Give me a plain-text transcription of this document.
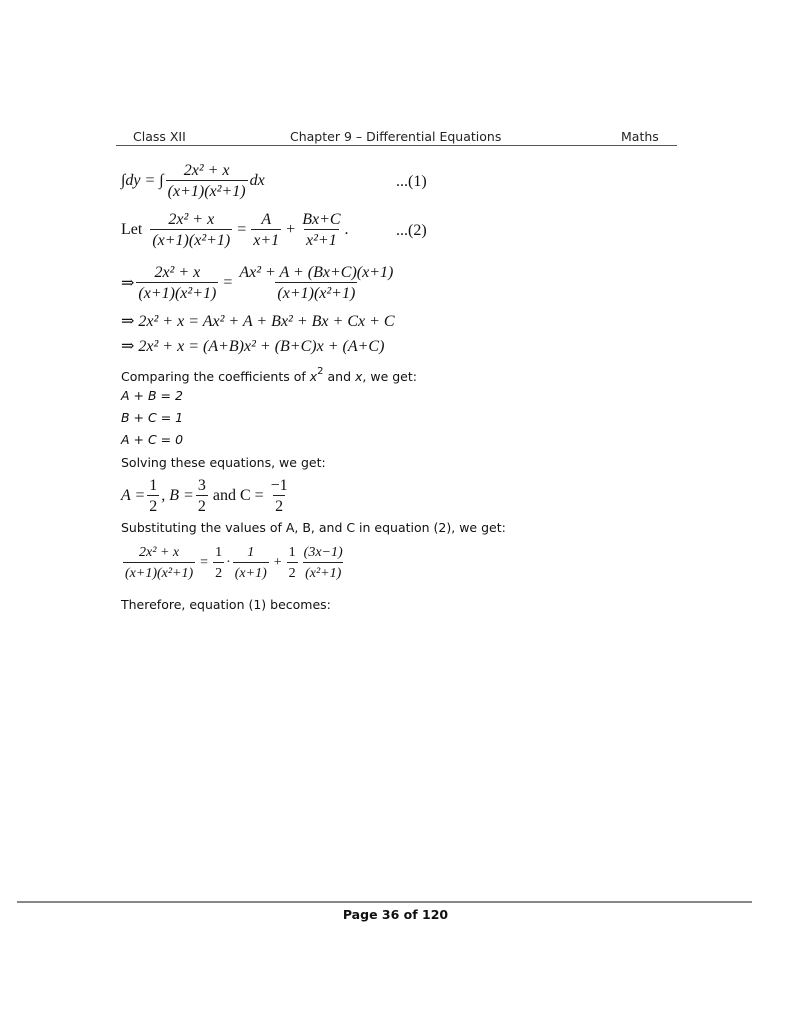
Class XII	Chapter 9 – Differential Equations	Maths
∫dy = ∫ $\frac{\text{2x² + x}}{\text{(x+1)(x²+1)}}$ dx	...(1)
Let $\frac{\text{2x² + x}}{\text{(x+1)(x²+1)}} = \frac{A}{x+1} + \frac{Bx+C}{\text{x²+1}}$ .	...(2)
⇒ $\frac{\text{2x² + x}}{\text{(x+1)(x²+1)}} = \frac{\text{Ax² + A + (Bx+C)(x+1)}}{\text{(x+1)(x²+1)}}$
⇒ 2x² + x = Ax² + A + Bx² + Bx + Cx + C
⇒ 2x² + x = (A+B)x² + (B+C)x + (A+C)
Comparing the coefficients of $x^2$ and x, we get:
A + B = 2
B + C = 1
A + C = 0
Solving these equations, we get:
$A = \frac{1}{2}$ , $B = \frac{3}{2}$ and $C = \frac{-1}{2}$
Substituting the values of A, B, and C in equation (2), we get:
$\frac{\text{2x² + x}}{\text{(x+1)(x²+1)}} = \frac{1}{2} \cdot \frac{1}{(x+1)} + \frac{1}{2} \frac{(3x-1)}{\text{(x²+1)}}$
Therefore, equation (1) becomes:
Page 36 of 120
